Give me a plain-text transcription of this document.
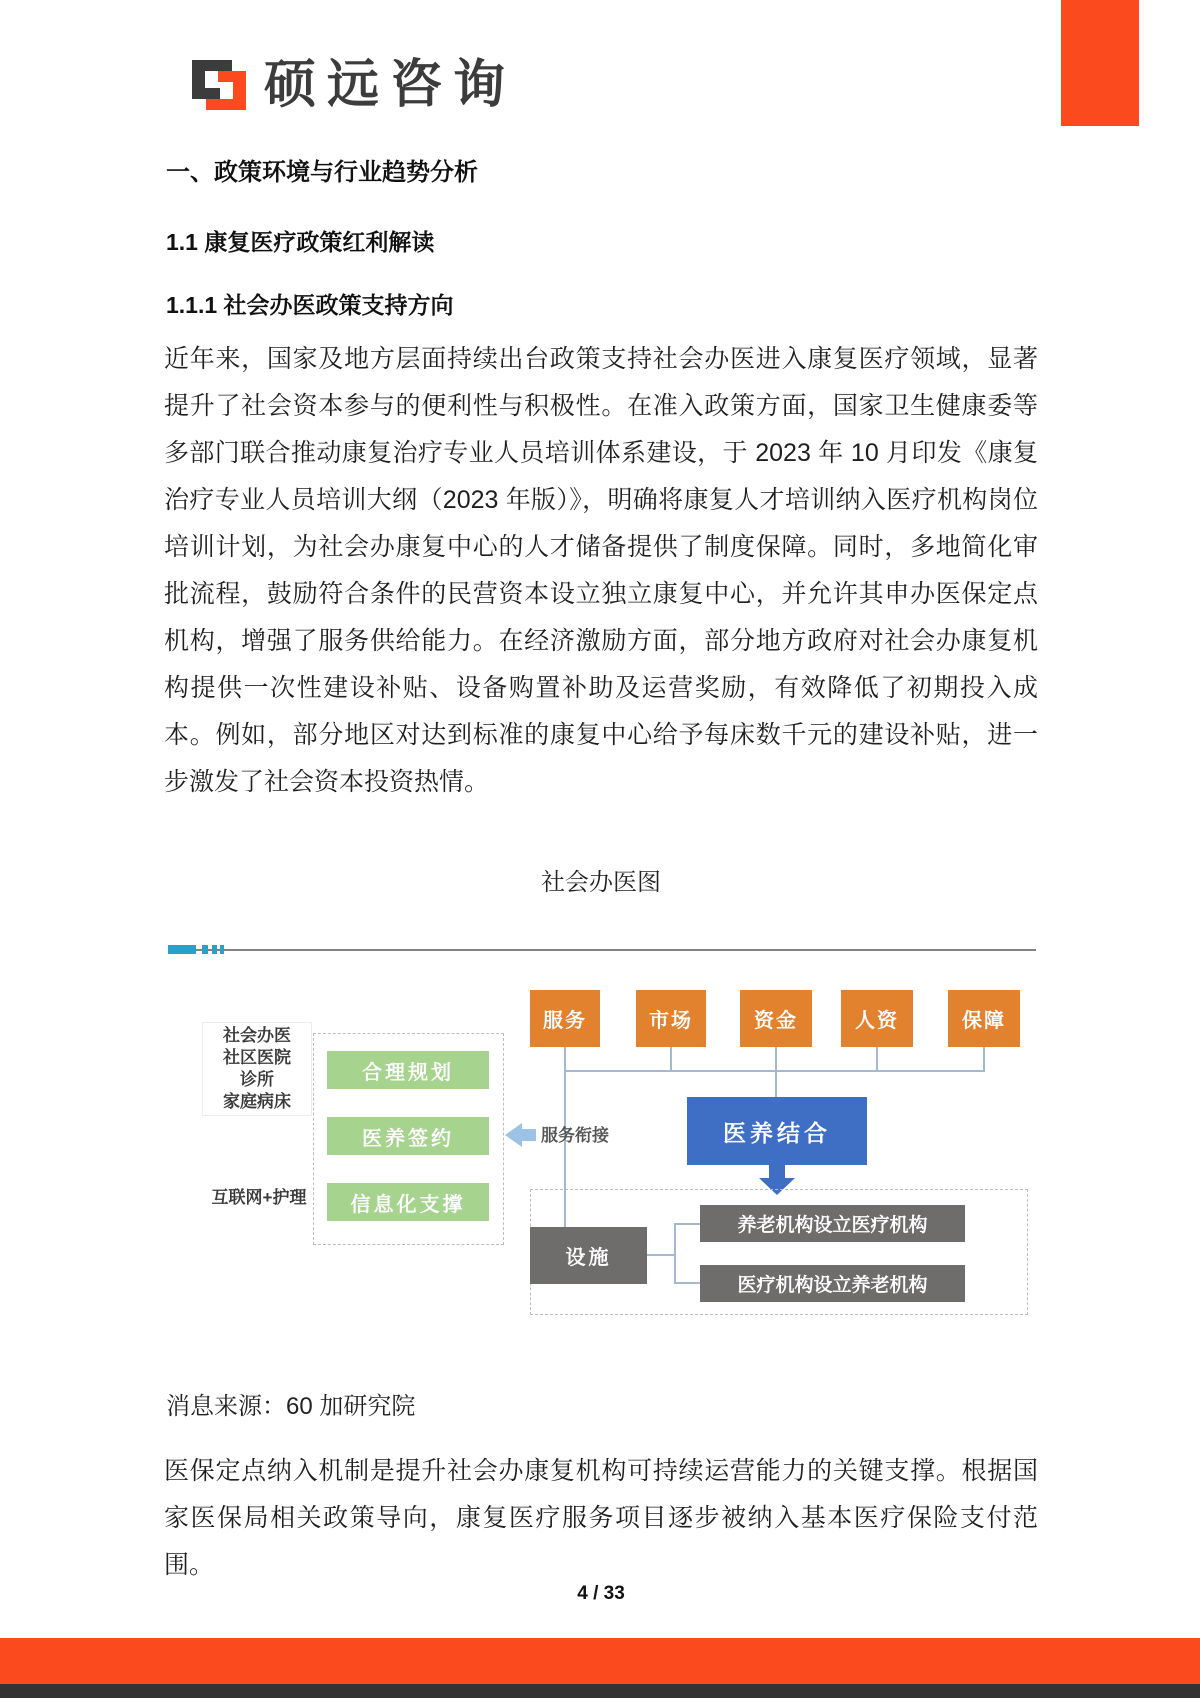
硕远咨询
一、政策环境与行业趋势分析
1.1 康复医疗政策红利解读
1.1.1 社会办医政策支持方向

近年来，国家及地方层面持续出台政策支持社会办医进入康复医疗领域，显著提升了社会资本参与的便利性与积极性。在准入政策方面，国家卫生健康委等多部门联合推动康复治疗专业人员培训体系建设，于 2023 年 10 月印发《康复治疗专业人员培训大纲（2023 年版）》，明确将康复人才培训纳入医疗机构岗位培训计划，为社会办康复中心的人才储备提供了制度保障。同时，多地简化审批流程，鼓励符合条件的民营资本设立独立康复中心，并允许其申办医保定点机构，增强了服务供给能力。在经济激励方面，部分地方政府对社会办康复机构提供一次性建设补贴、设备购置补助及运营奖励，有效降低了初期投入成本。例如，部分地区对达到标准的康复中心给予每床数千元的建设补贴，进一步激发了社会资本投资热情。

社会办医图
社会办医
社区医院
诊所
家庭病床
互联网+护理
合理规划
医养签约
信息化支撑
服务	市场	资金	人资	保障
医养结合
服务衔接
设施
养老机构设立医疗机构
医疗机构设立养老机构
消息来源：60 加研究院

医保定点纳入机制是提升社会办康复机构可持续运营能力的关键支撑。根据国家医保局相关政策导向，康复医疗服务项目逐步被纳入基本医疗保险支付范围。

4 / 33
